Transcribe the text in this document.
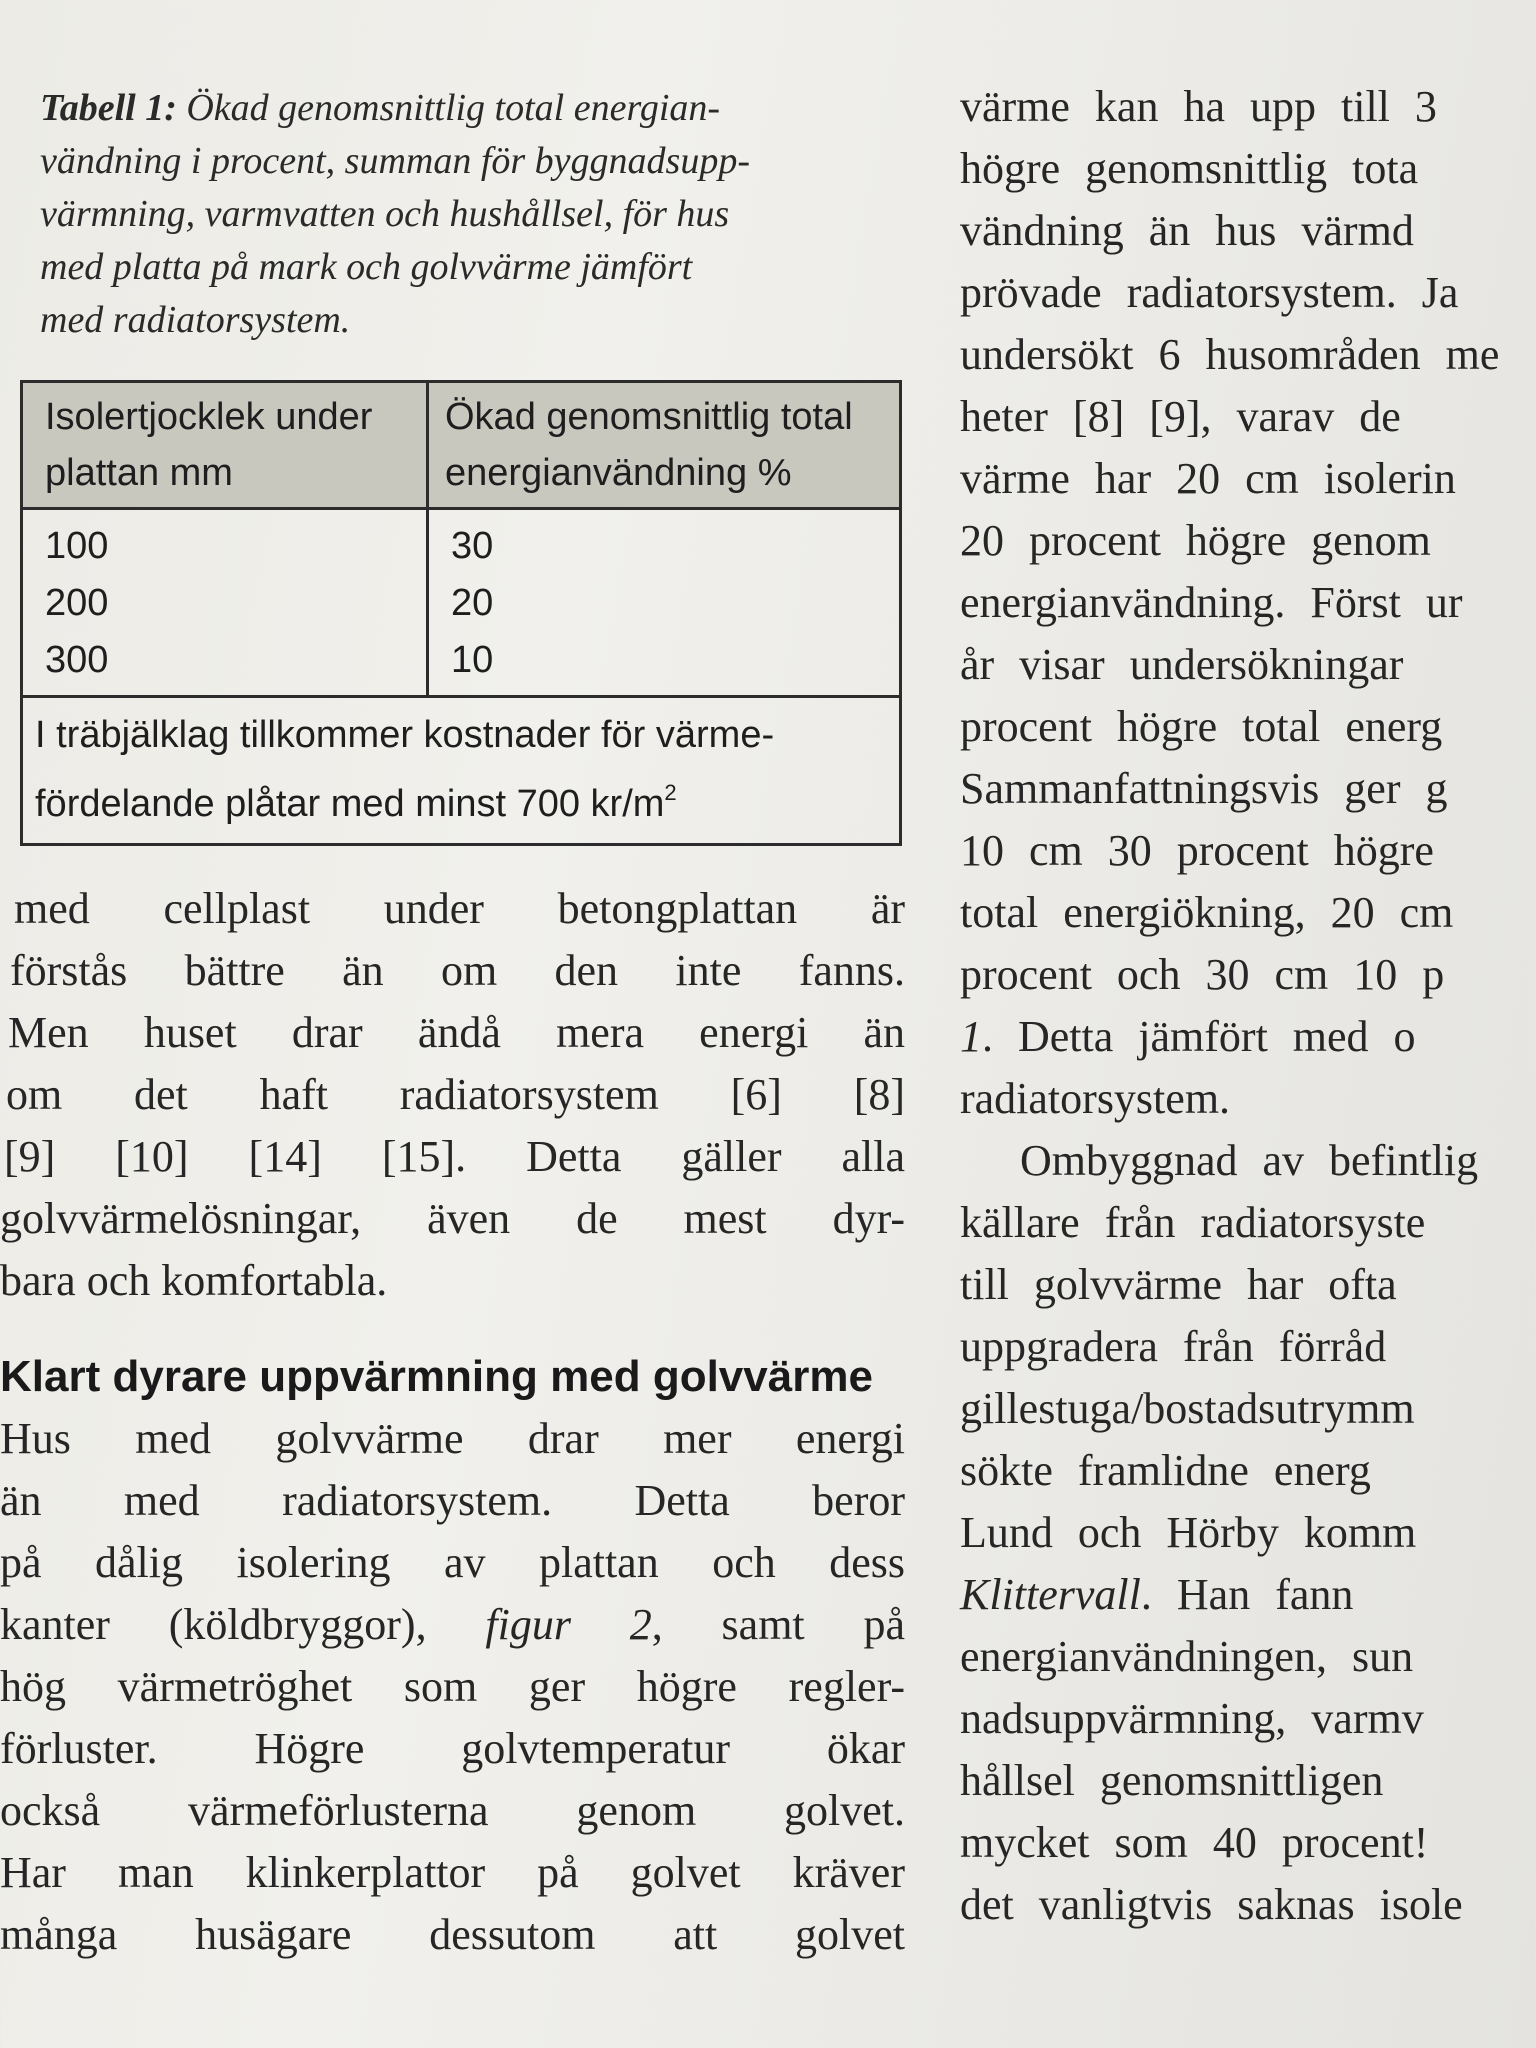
Tabell 1: Ökad genomsnittlig total energian-
vändning i procent, summan för byggnadsupp-
värmning, varmvatten och hushållsel, för hus
med platta på mark och golvvärme jämfört
med radiatorsystem.
Isolertjocklek under
plattan mm
Ökad genomsnittlig total
energianvändning %
100
200
300
30
20
10
I träbjälklag tillkommer kostnader för värme-
fördelande plåtar med minst 700 $kr/m^2$
med cellplast under betongplattan är
förstås bättre än om den inte fanns.
Men huset drar ändå mera energi än
om det haft radiatorsystem [6] [8]
[9] [10] [14] [15]. Detta gäller alla
golvvärmelösningar, även de mest dyr-
bara och komfortabla.
Klart dyrare uppvärmning med golvvärme
Hus med golvvärme drar mer energi
än med radiatorsystem. Detta beror
på dålig isolering av plattan och dess
kanter (köldbryggor), figur 2, samt på
hög värmetröghet som ger högre regler-
förluster. Högre golvtemperatur ökar
också värmeförlusterna genom golvet.
Har man klinkerplattor på golvet kräver
många husägare dessutom att golvet
värme kan ha upp till 3
högre genomsnittlig tota
vändning än hus värmd
prövade radiatorsystem. Ja
undersökt 6 husområden me
heter [8] [9], varav de
värme har 20 cm isolerin
20 procent högre genom
energianvändning. Först ur
år visar undersökningar
procent högre total energ
Sammanfattningsvis ger g
10 cm 30 procent högre
total energiökning, 20 cm
procent och 30 cm 10 p
1. Detta jämfört med o
radiatorsystem.
Ombyggnad av befintlig
källare från radiatorsyste
till golvvärme har ofta
uppgradera från förråd
gillestuga/bostadsutrymm
sökte framlidne energ
Lund och Hörby komm
Klittervall. Han fann
energianvändningen, sun
nadsuppvärmning, varmv
hållsel genomsnittligen
mycket som 40 procent!
det vanligtvis saknas isole
